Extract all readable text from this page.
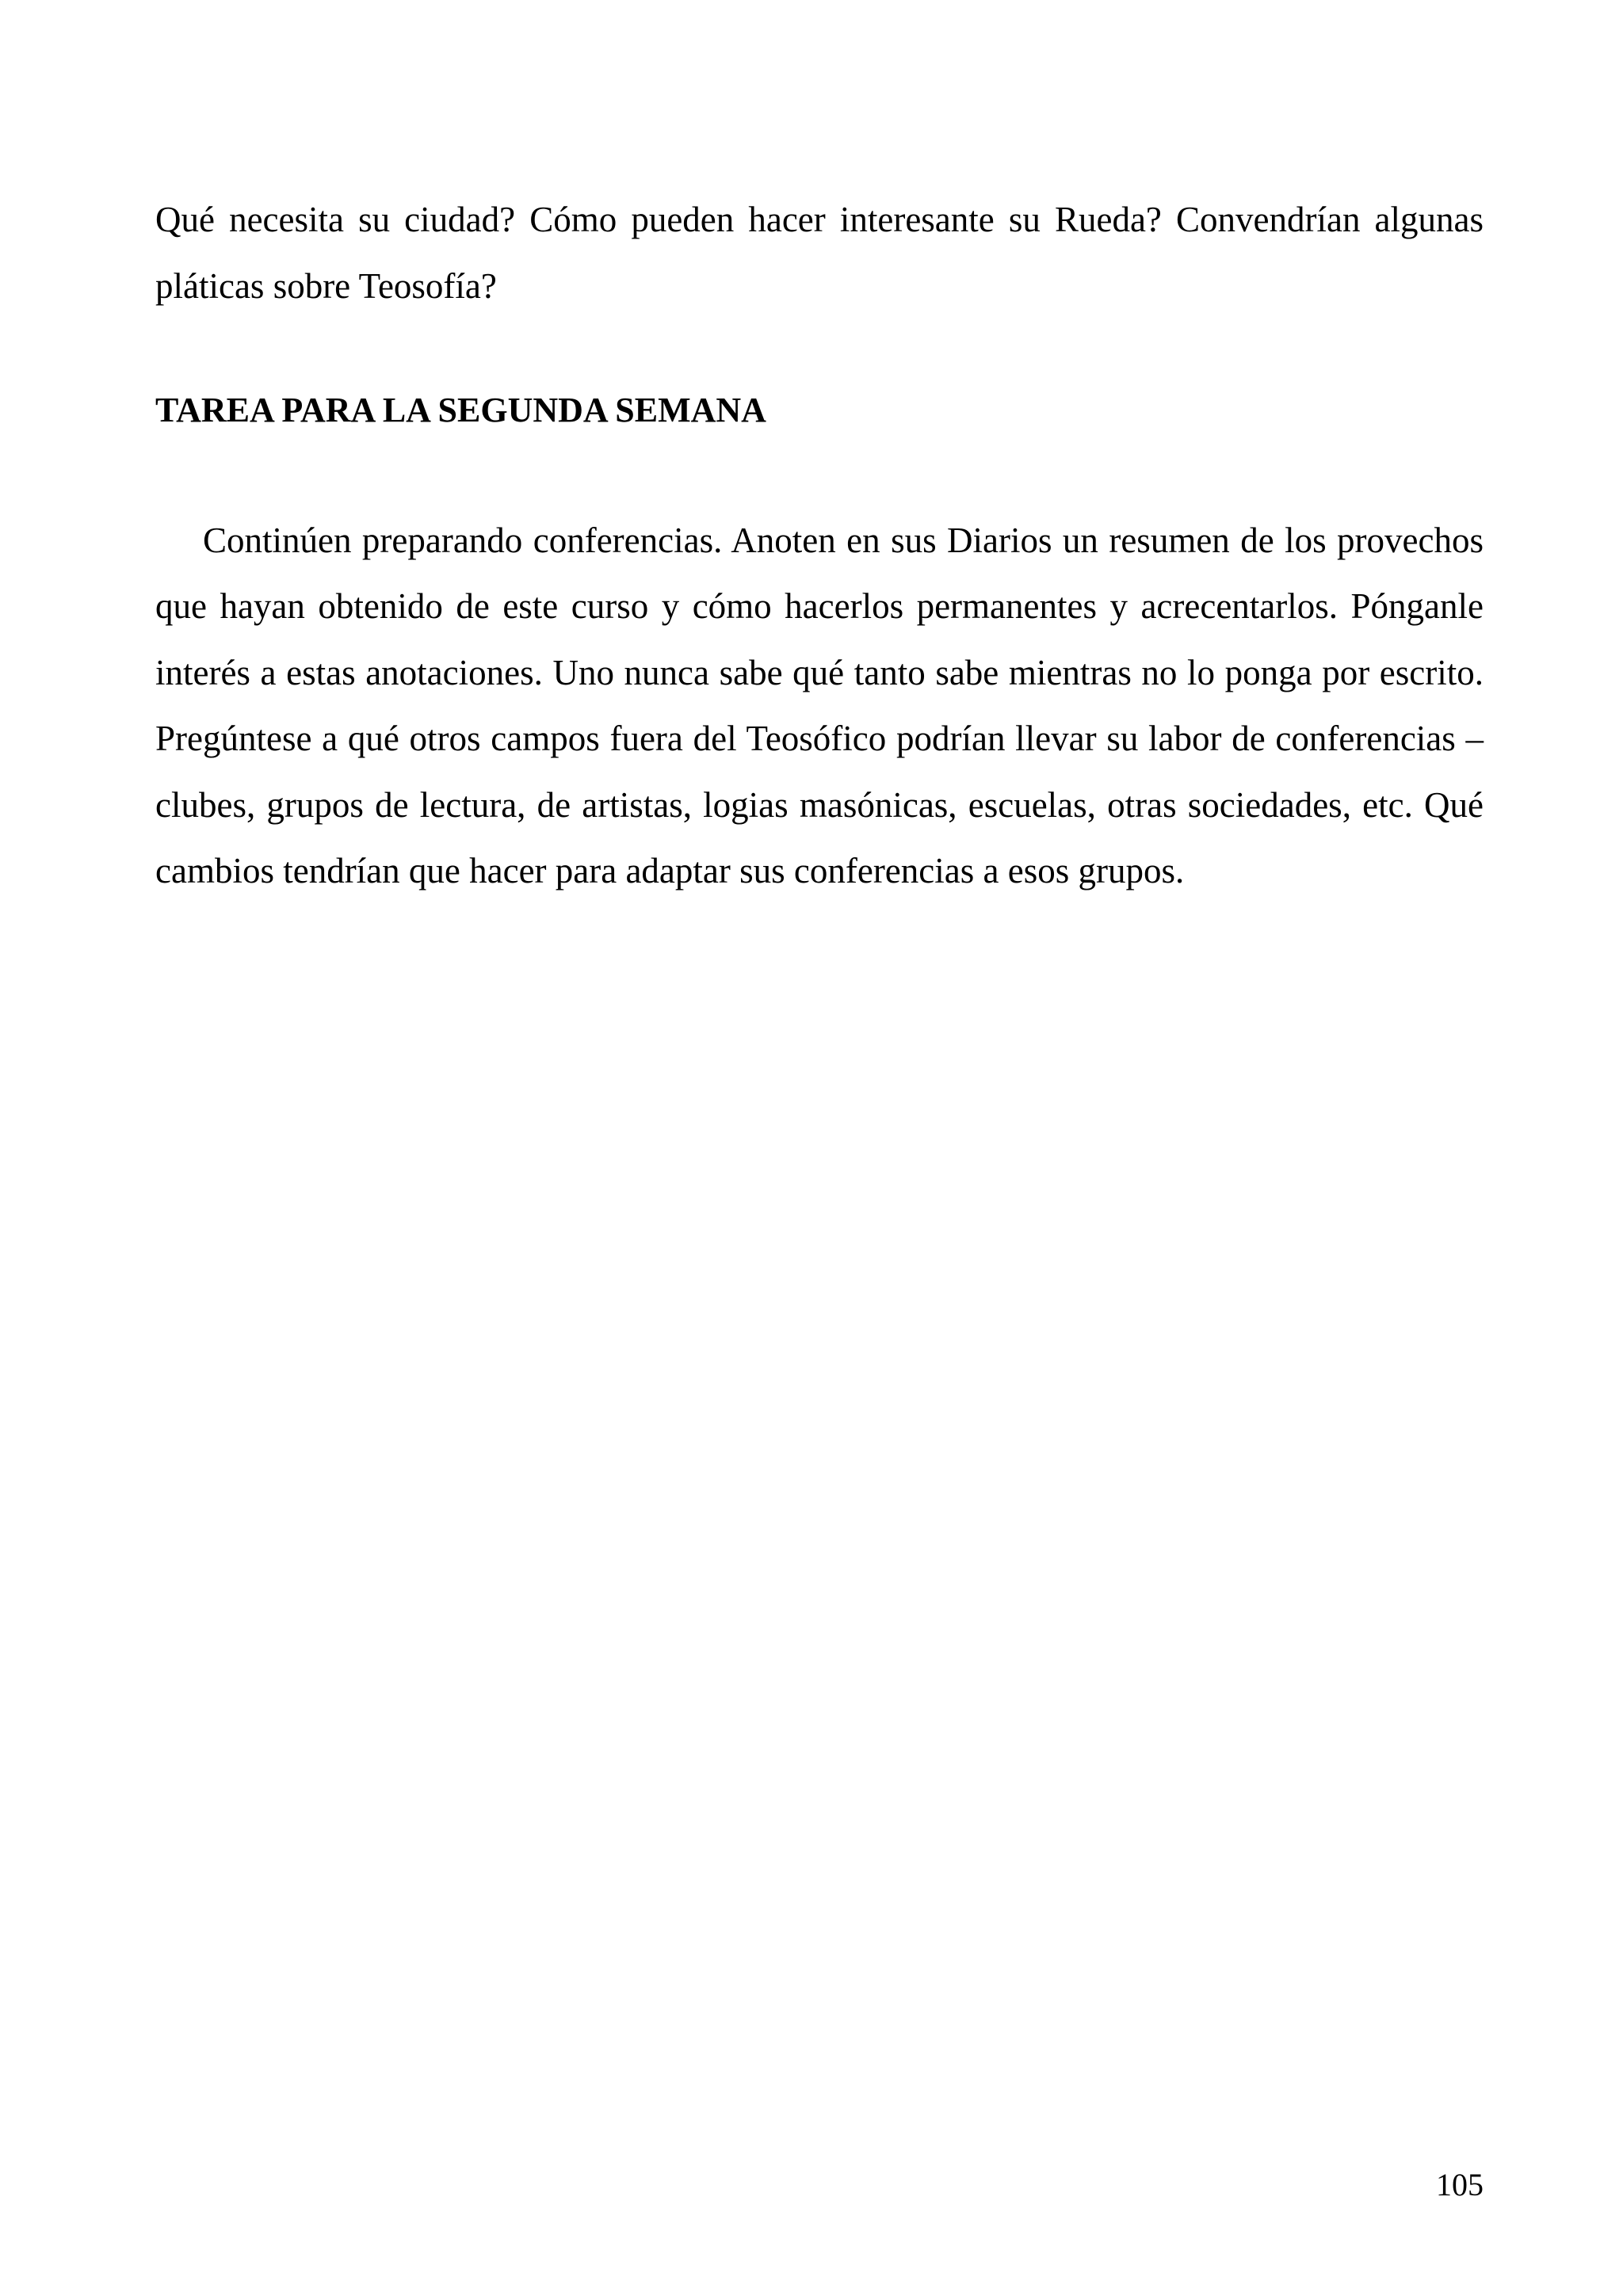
Qué necesita su ciudad? Cómo pueden hacer interesante su Rueda? Convendrían algunas pláticas sobre Teosofía?

TAREA PARA LA SEGUNDA SEMANA

Continúen preparando conferencias. Anoten en sus Diarios un resumen de los provechos que hayan obtenido de este curso y cómo hacerlos permanentes y acrecentarlos. Pónganle interés a estas anotaciones. Uno nunca sabe qué tanto sabe mientras no lo ponga por escrito. Pregúntese a qué otros campos fuera del Teosófico podrían llevar su labor de conferencias –clubes, grupos de lectura, de artistas, logias masónicas, escuelas, otras sociedades, etc. Qué cambios tendrían que hacer para adaptar sus conferencias a esos grupos.

105
